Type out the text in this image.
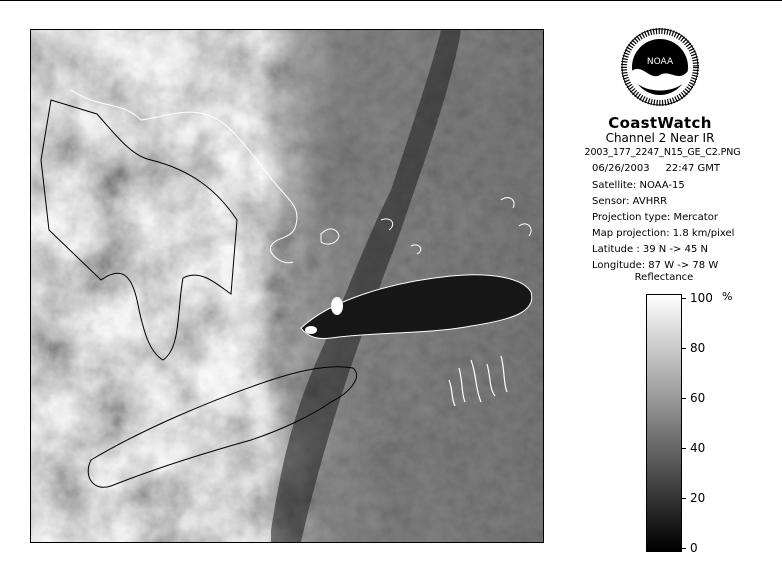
NOAA
CoastWatch
Channel 2 Near IR
2003_177_2247_N15_GE_C2.PNG
06/26/2003 22:47 GMT
Satellite: NOAA-15
Sensor: AVHRR
Projection type: Mercator
Map projection: 1.8 km/pixel
Latitude : 39 N -> 45 N
Longitude: 87 W -> 78 W
Reflectance
%
100
80
60
40
20
0
